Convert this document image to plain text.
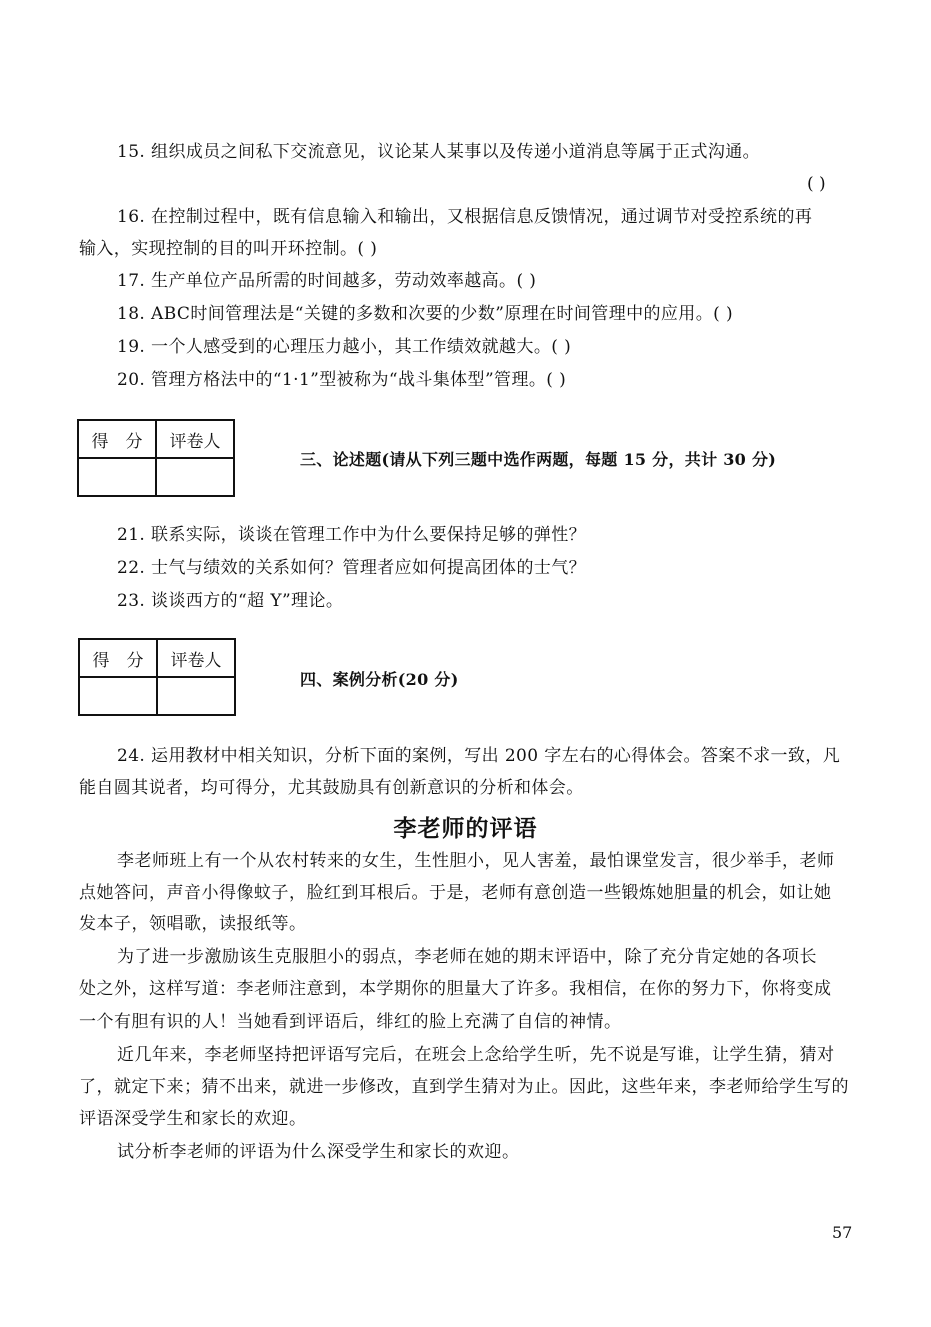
15. 组织成员之间私下交流意见，议论某人某事以及传递小道消息等属于正式沟通。
( )
16. 在控制过程中，既有信息输入和输出，又根据信息反馈情况，通过调节对受控系统的再
输入，实现控制的目的叫开环控制。( )
17. 生产单位产品所需的时间越多，劳动效率越高。( )
18. ABC时间管理法是“关键的多数和次要的少数”原理在时间管理中的应用。( )
19. 一个人感受到的心理压力越小，其工作绩效就越大。( )
20. 管理方格法中的“1·1”型被称为“战斗集体型”管理。( )
得　分	评卷人

三、论述题(请从下列三题中选作两题，每题 15 分，共计 30 分)
21. 联系实际，谈谈在管理工作中为什么要保持足够的弹性？
22. 士气与绩效的关系如何？管理者应如何提高团体的士气？
23. 谈谈西方的“超 Y”理论。
得　分	评卷人

四、案例分析(20 分)
24. 运用教材中相关知识，分析下面的案例，写出 200 字左右的心得体会。答案不求一致，凡
能自圆其说者，均可得分，尤其鼓励具有创新意识的分析和体会。
李老师的评语
李老师班上有一个从农村转来的女生，生性胆小，见人害羞，最怕课堂发言，很少举手，老师
点她答问，声音小得像蚊子，脸红到耳根后。于是，老师有意创造一些锻炼她胆量的机会，如让她
发本子，领唱歌，读报纸等。
为了进一步激励该生克服胆小的弱点，李老师在她的期末评语中，除了充分肯定她的各项长
处之外，这样写道：李老师注意到，本学期你的胆量大了许多。我相信，在你的努力下，你将变成
一个有胆有识的人！当她看到评语后，绯红的脸上充满了自信的神情。
近几年来，李老师坚持把评语写完后，在班会上念给学生听，先不说是写谁，让学生猜，猜对
了，就定下来；猜不出来，就进一步修改，直到学生猜对为止。因此，这些年来，李老师给学生写的
评语深受学生和家长的欢迎。
试分析李老师的评语为什么深受学生和家长的欢迎。
57
